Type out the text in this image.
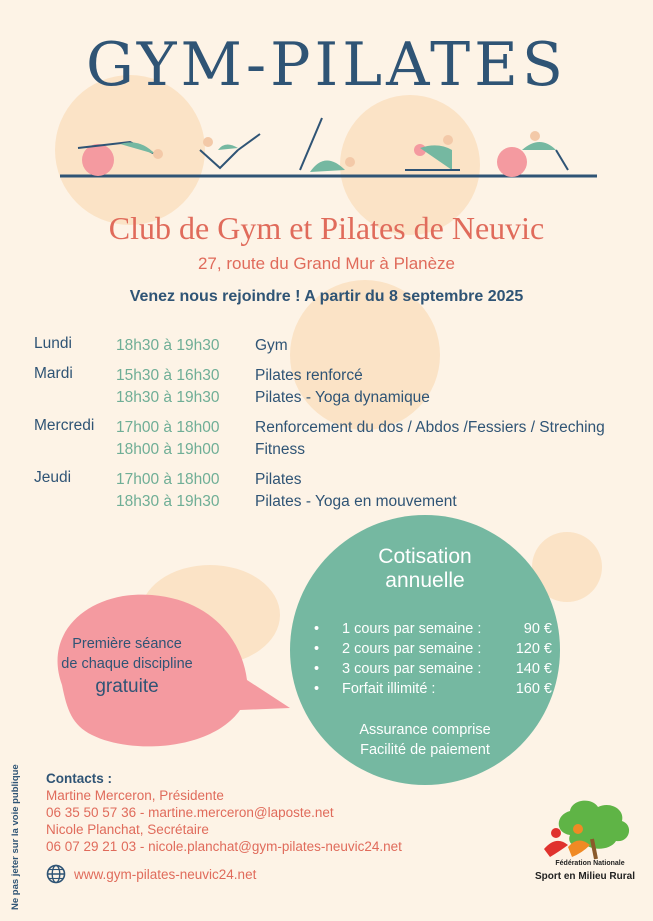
GYM-PILATES
Club de Gym et Pilates de Neuvic
27, route du Grand Mur à Planèze
Venez nous rejoindre ! A partir du 8 septembre 2025
Lundi	18h30 à 19h30	Gym
Mardi	15h30 à 16h30	Pilates renforcé
18h30 à 19h30	Pilates - Yoga dynamique
Mercredi	17h00 à 18h00	Renforcement du dos / Abdos /Fessiers / Streching
18h00 à 19h00	Fitness
Jeudi	17h00 à 18h00	Pilates
18h30 à 19h30	Pilates - Yoga en mouvement
Première séance
de chaque discipline
gratuite
Cotisation
annuelle
•	1 cours par semaine :	90 €
•	2 cours par semaine :	120 €
•	3 cours par semaine :	140 €
•	Forfait illimité :	160 €
Assurance comprise
Facilité de paiement
Ne pas jeter sur la voie publique Contacts :
Martine Merceron, Présidente
06 35 50 57 36 - martine.merceron@laposte.net
Nicole Planchat, Secrétaire
06 07 29 21 03 - nicole.planchat@gym-pilates-neuvic24.net
www.gym-pilates-neuvic24.net
Fédération Nationale
Sport en Milieu Rural
